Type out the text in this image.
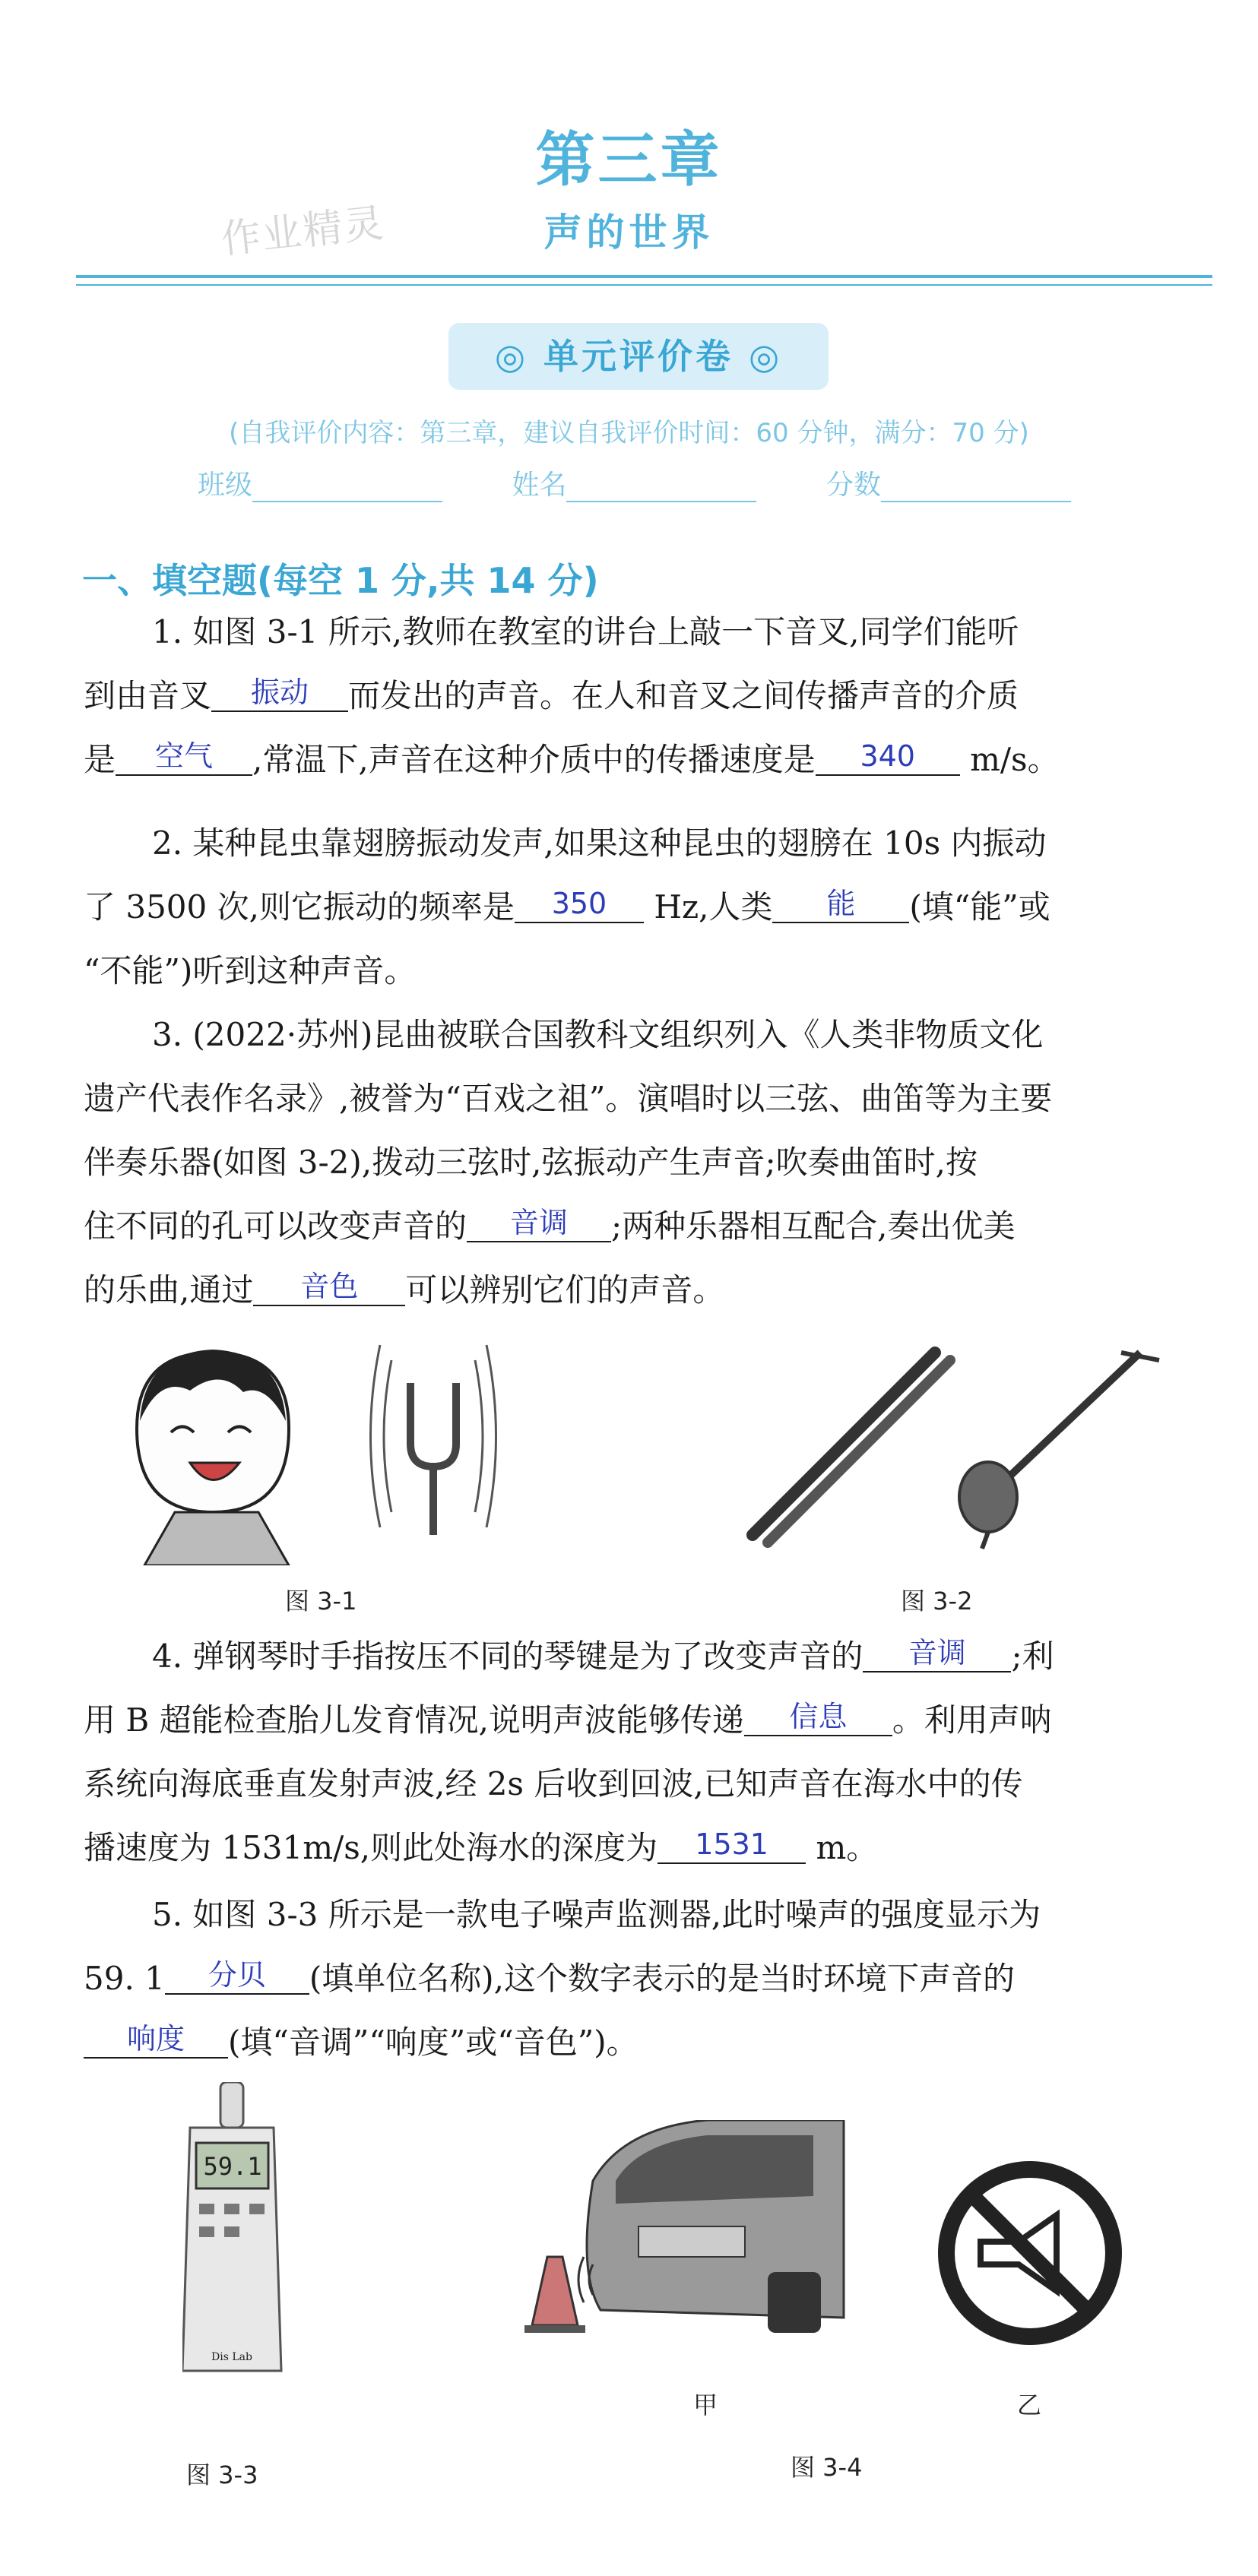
第三章
作业精灵	声的世界
◎ 单元评价卷 ◎
(自我评价内容：第三章，建议自我评价时间：60 分钟，满分：70 分)
班级	姓名	分数
一、填空题(每空 1 分,共 14 分)
1. 如图 3-1 所示,教师在教室的讲台上敲一下音叉,同学们能听
到由音叉 振动 而发出的声音。在人和音叉之间传播声音的介质
是 空气 ,常温下,声音在这种介质中的传播速度是 340 m/s。
2. 某种昆虫靠翅膀振动发声,如果这种昆虫的翅膀在 10s 内振动
了 3500 次,则它振动的频率是 350 Hz,人类 能 (填“能”或
“不能”)听到这种声音。
3. (2022·苏州)昆曲被联合国教科文组织列入《人类非物质文化
遗产代表作名录》,被誉为“百戏之祖”。演唱时以三弦、曲笛等为主要
伴奏乐器(如图 3-2),拨动三弦时,弦振动产生声音;吹奏曲笛时,按
住不同的孔可以改变声音的 音调 ;两种乐器相互配合,奏出优美
的乐曲,通过 音色 可以辨别它们的声音。
图 3-1	图 3-2
4. 弹钢琴时手指按压不同的琴键是为了改变声音的 音调 ;利
用 B 超能检查胎儿发育情况,说明声波能够传递 信息 。利用声呐
系统向海底垂直发射声波,经 2s 后收到回波,已知声音在海水中的传
播速度为 1531m/s,则此处海水的深度为 1531 m。
5. 如图 3-3 所示是一款电子噪声监测器,此时噪声的强度显示为
59. 1 分贝 (填单位名称),这个数字表示的是当时环境下声音的
响度 (填“音调”“响度”或“音色”)。
59.1
Dis Lab
图 3-3
甲	乙
图 3-4
